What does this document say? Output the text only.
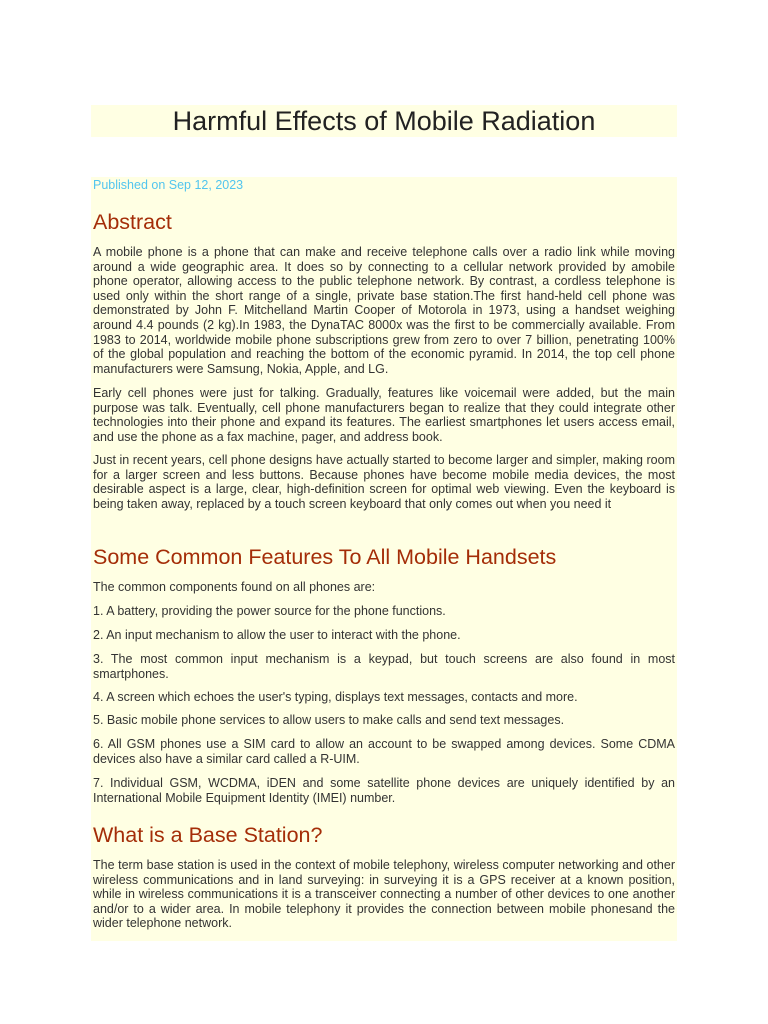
Harmful Effects of Mobile Radiation

Published on Sep 12, 2023

Abstract

A mobile phone is a phone that can make and receive telephone calls over a radio link while moving around a wide geographic area. It does so by connecting to a cellular network provided by amobile phone operator, allowing access to the public telephone network. By contrast, a cordless telephone is used only within the short range of a single, private base station.The first hand-held cell phone was demonstrated by John F. Mitchelland Martin Cooper of Motorola in 1973, using a handset weighing around 4.4 pounds (2 kg).In 1983, the DynaTAC 8000x was the first to be commercially available. From 1983 to 2014, worldwide mobile phone subscriptions grew from zero to over 7 billion, penetrating 100% of the global population and reaching the bottom of the economic pyramid. In 2014, the top cell phone manufacturers were Samsung, Nokia, Apple, and LG.

Early cell phones were just for talking. Gradually, features like voicemail were added, but the main purpose was talk. Eventually, cell phone manufacturers began to realize that they could integrate other technologies into their phone and expand its features. The earliest smartphones let users access email, and use the phone as a fax machine, pager, and address book.

Just in recent years, cell phone designs have actually started to become larger and simpler, making room for a larger screen and less buttons. Because phones have become mobile media devices, the most desirable aspect is a large, clear, high-definition screen for optimal web viewing. Even the keyboard is being taken away, replaced by a touch screen keyboard that only comes out when you need it

Some Common Features To All Mobile Handsets

The common components found on all phones are:

1. A battery, providing the power source for the phone functions.

2. An input mechanism to allow the user to interact with the phone.

3. The most common input mechanism is a keypad, but touch screens are also found in most smartphones.

4. A screen which echoes the user's typing, displays text messages, contacts and more.

5. Basic mobile phone services to allow users to make calls and send text messages.

6. All GSM phones use a SIM card to allow an account to be swapped among devices. Some CDMA devices also have a similar card called a R-UIM.

7. Individual GSM, WCDMA, iDEN and some satellite phone devices are uniquely identified by an International Mobile Equipment Identity (IMEI) number.

What is a Base Station?

The term base station is used in the context of mobile telephony, wireless computer networking and other wireless communications and in land surveying: in surveying it is a GPS receiver at a known position, while in wireless communications it is a transceiver connecting a number of other devices to one another and/or to a wider area. In mobile telephony it provides the connection between mobile phonesand the wider telephone network.
